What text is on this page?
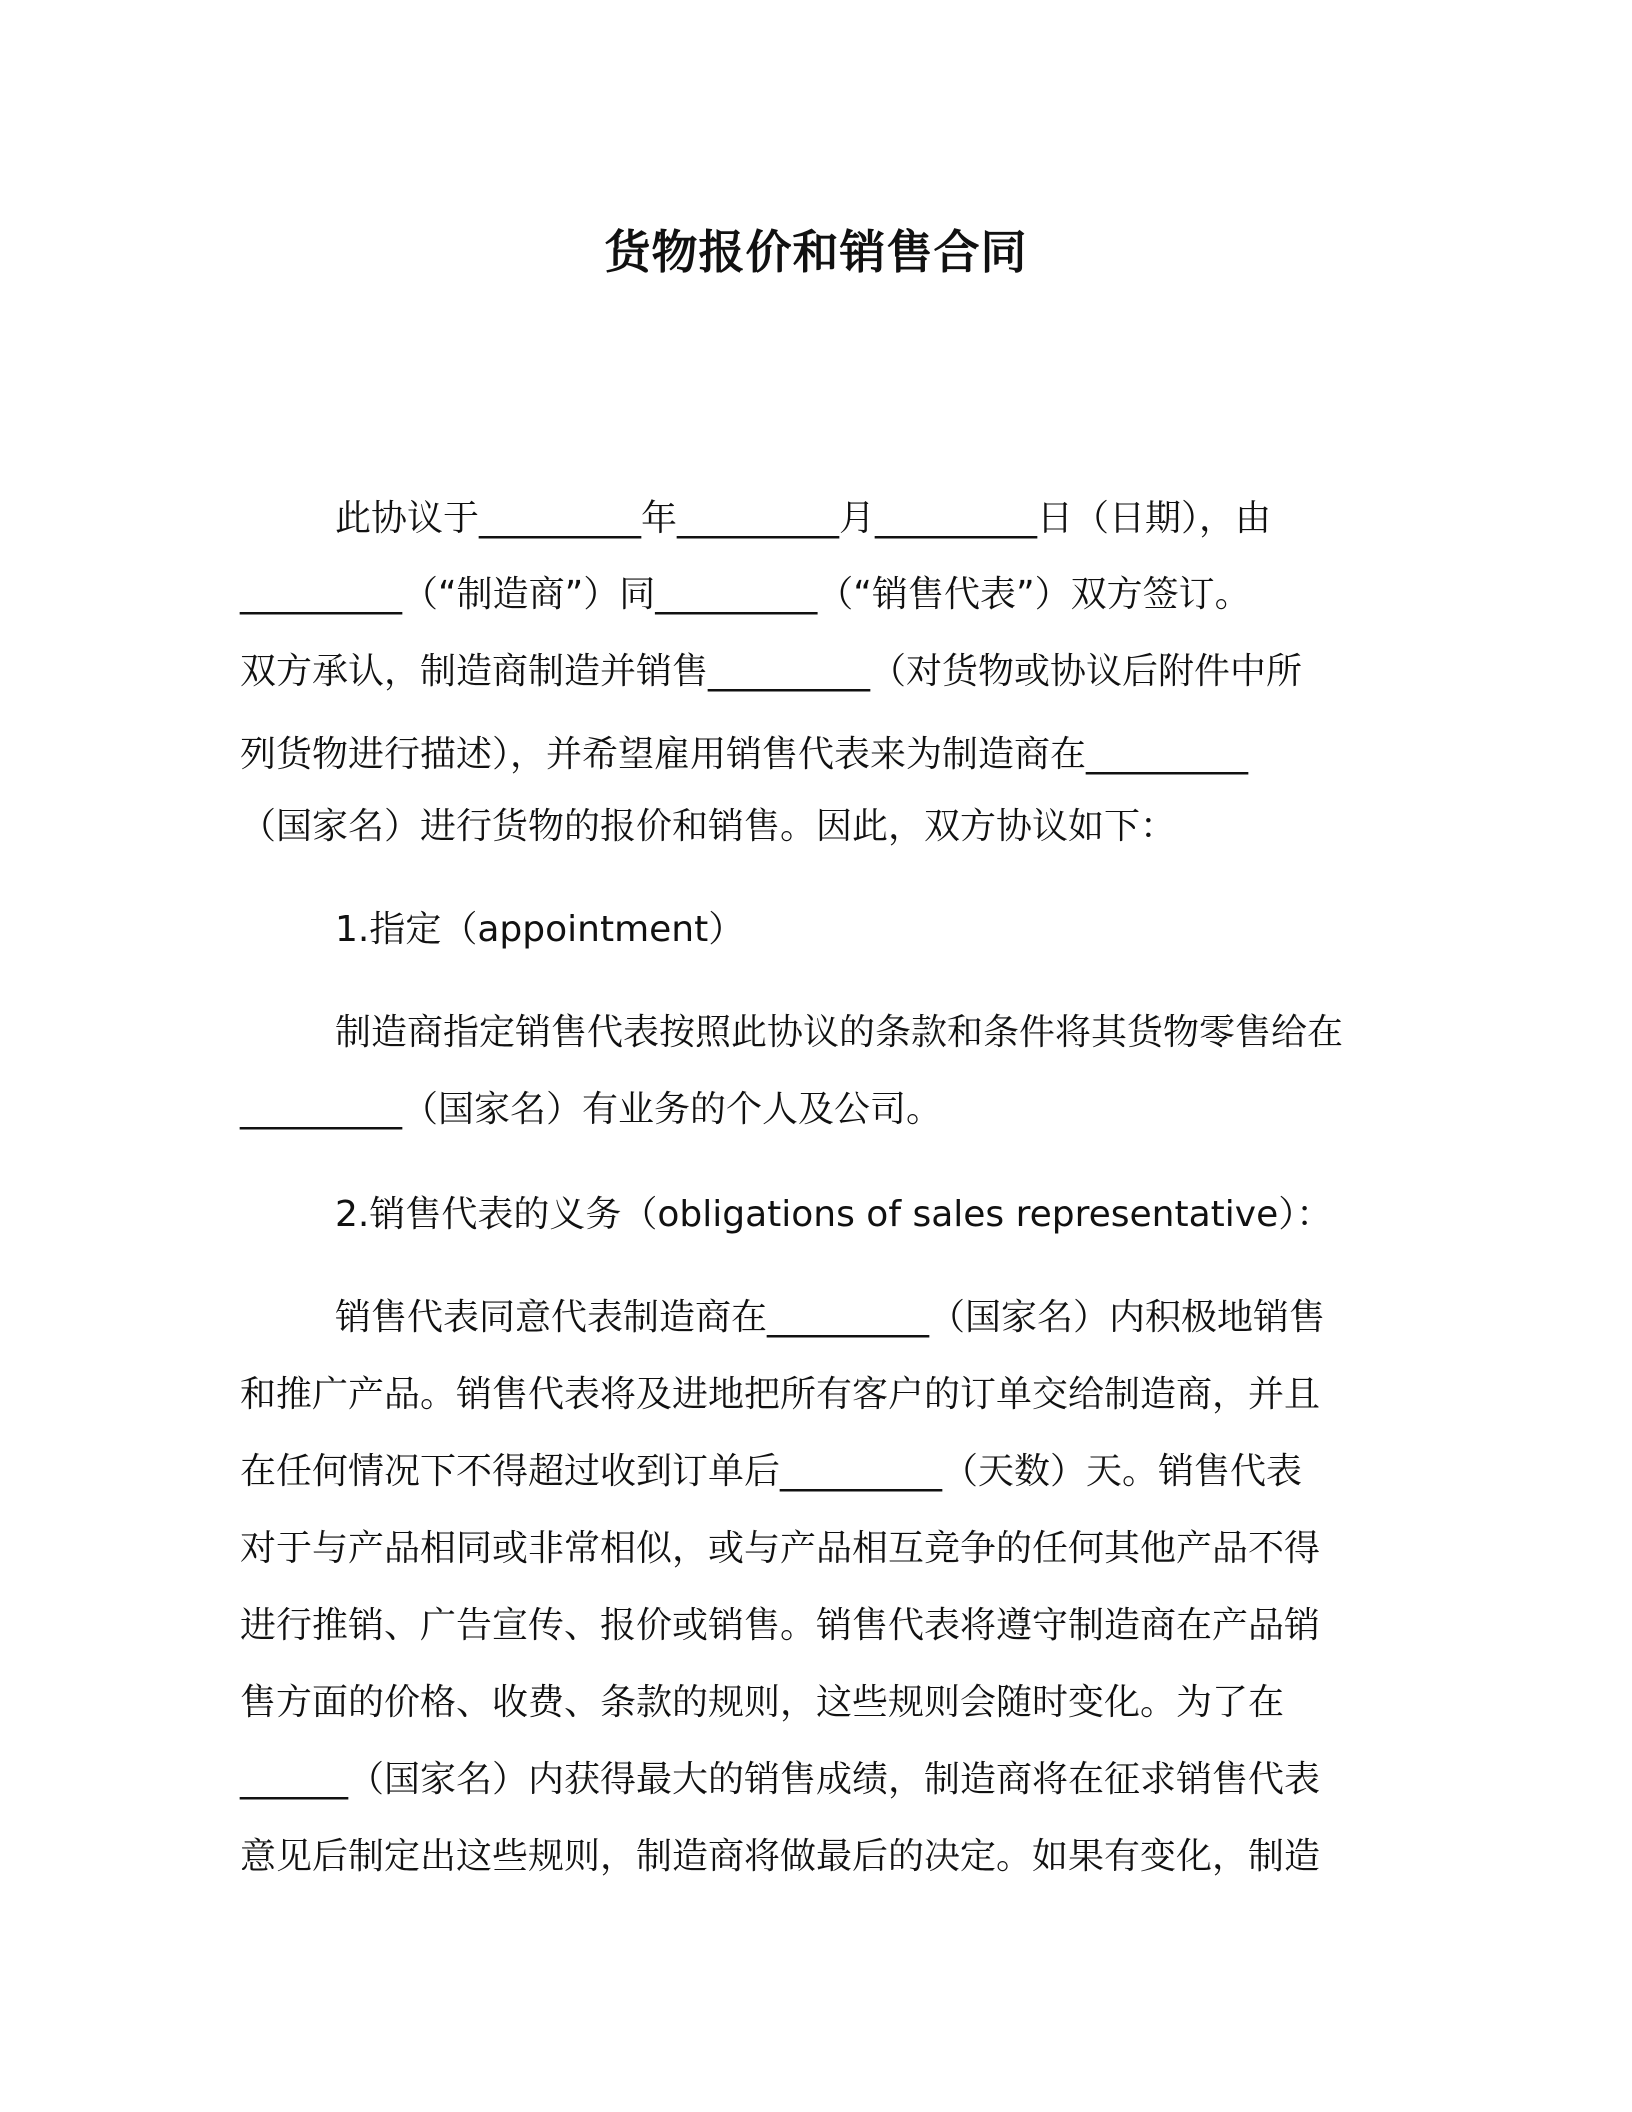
货物报价和销售合同
此协议于_________年_________月_________日（日期），由
_________（“制造商”）同_________（“销售代表”）双方签订。
双方承认，制造商制造并销售_________（对货物或协议后附件中所
列货物进行描述），并希望雇用销售代表来为制造商在_________
（国家名）进行货物的报价和销售。因此，双方协议如下：
1.指定（appointment）
制造商指定销售代表按照此协议的条款和条件将其货物零售给在
_________（国家名）有业务的个人及公司。
2.销售代表的义务（obligations of sales representative）：
销售代表同意代表制造商在_________（国家名）内积极地销售
和推广产品。销售代表将及进地把所有客户的订单交给制造商，并且
在任何情况下不得超过收到订单后_________（天数）天。销售代表
对于与产品相同或非常相似，或与产品相互竞争的任何其他产品不得
进行推销、广告宣传、报价或销售。销售代表将遵守制造商在产品销
售方面的价格、收费、条款的规则，这些规则会随时变化。为了在
______（国家名）内获得最大的销售成绩，制造商将在征求销售代表
意见后制定出这些规则，制造商将做最后的决定。如果有变化，制造
